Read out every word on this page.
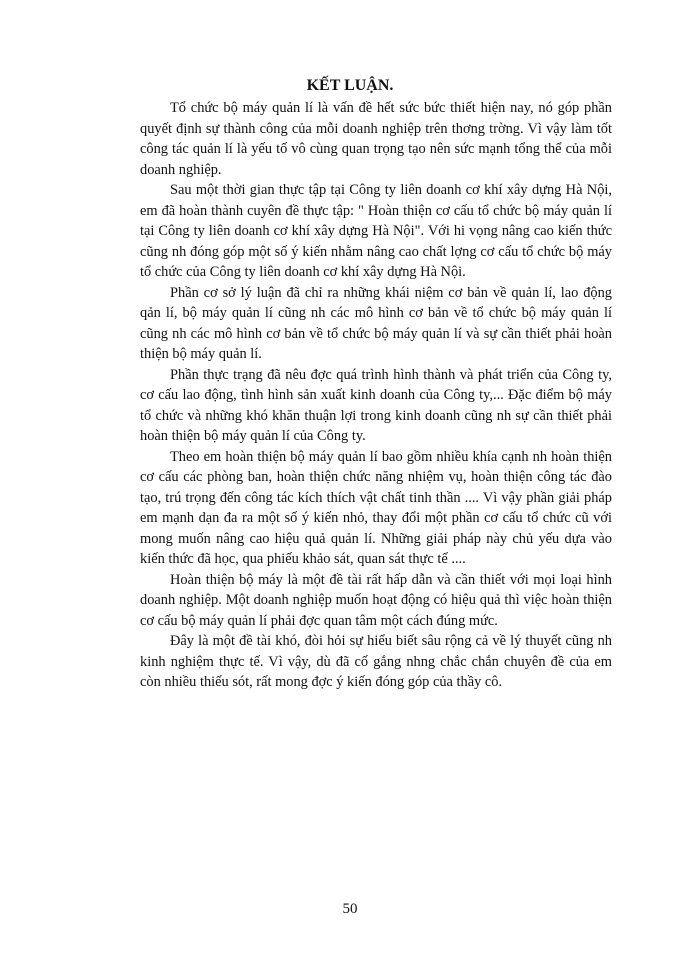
KẾT LUẬN.

Tổ chức bộ máy quản lí là vấn đề hết sức bức thiết hiện nay, nó góp phần quyết định sự thành công của mỗi doanh nghiệp trên thơng trờng. Vì vậy làm tốt công tác quản lí là yếu tố vô cùng quan trọng tạo nên sức mạnh tổng thể của mỗi doanh nghiệp.

Sau một thời gian thực tập tại Công ty liên doanh cơ khí xây dựng Hà Nội, em đã hoàn thành cuyên đề thực tập: " Hoàn thiện cơ cấu tổ chức bộ máy quản lí tại Công ty liên doanh cơ khí xây dựng Hà Nội". Với hi vọng nâng cao kiến thức cũng nh đóng góp một số ý kiến nhằm nâng cao chất lợng cơ cấu tổ chức bộ máy tổ chức của Công ty liên doanh cơ khí xây dựng Hà Nội.

Phần cơ sở lý luận đã chỉ ra những khái niệm cơ bản về quản lí, lao động qản lí, bộ máy quản lí cũng nh các mô hình cơ bản về tổ chức bộ máy quản lí cũng nh các mô hình cơ bản về tổ chức bộ máy quản lí và sự cần thiết phải hoàn thiện bộ máy quản lí.

Phần thực trạng đã nêu đợc quá trình hình thành và phát triển của Công ty, cơ cấu lao động, tình hình sản xuất kinh doanh của Công ty,... Đặc điểm bộ máy tổ chức và những khó khăn thuận lợi trong kinh doanh cũng nh sự cần thiết phải hoàn thiện bộ máy quản lí của Công ty.

Theo em hoàn thiện bộ máy quản lí bao gồm nhiều khía cạnh nh hoàn thiện cơ cấu các phòng ban, hoàn thiện chức năng nhiệm vụ, hoàn thiện công tác đào tạo, trú trọng đến công tác kích thích vật chất tinh thần .... Vì vậy phần giải pháp em mạnh dạn đa ra một số ý kiến nhỏ, thay đổi một phần cơ cấu tổ chức cũ với mong muốn nâng cao hiệu quả quản lí. Những giải pháp này chủ yếu dựa vào kiến thức đã học, qua phiếu khảo sát, quan sát thực tế ....

Hoàn thiện bộ máy là một đề tài rất hấp dẫn và cần thiết với mọi loại hình doanh nghiệp. Một doanh nghiệp muốn hoạt động có hiệu quả thì việc hoàn thiện cơ cấu bộ máy quản lí phải đợc quan tâm một cách đúng mức.

Đây là một đề tài khó, đòi hỏi sự hiểu biết sâu rộng cả về lý thuyết cũng nh kinh nghiệm thực tế. Vì vậy, dù đã cố gắng nhng chắc chắn chuyên đề của em còn nhiều thiếu sót, rất mong đợc ý kiến đóng góp của thầy cô.

50
